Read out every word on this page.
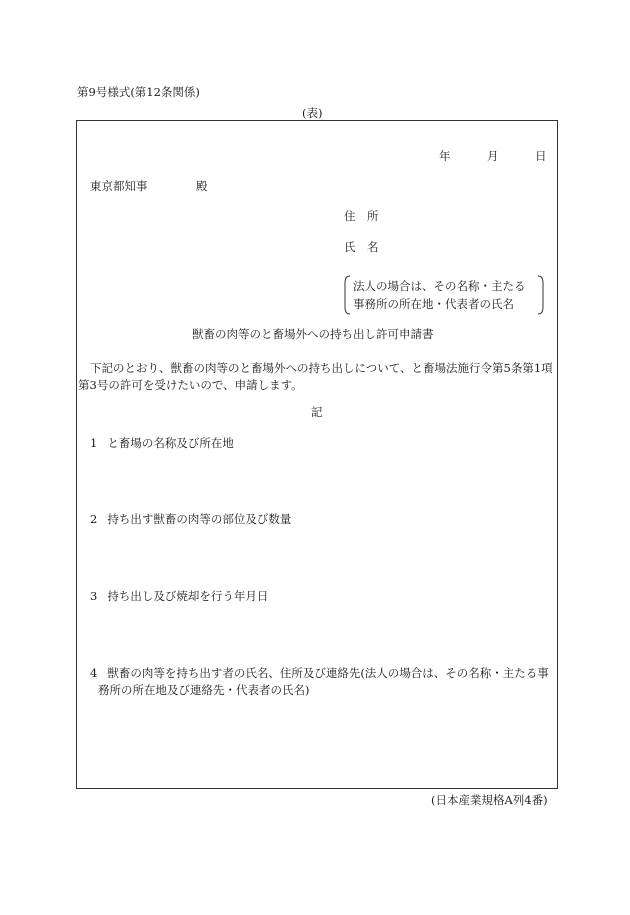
第9号様式(第12条関係)
(表)
年	月	日
東京都知事	殿
住　所
氏　名
法人の場合は、その名称・主たる
事務所の所在地・代表者の氏名
獣畜の肉等のと畜場外への持ち出し許可申請書
下記のとおり、獣畜の肉等のと畜場外への持ち出しについて、と畜場法施行令第5条第1項第3号の許可を受けたいので、申請します。
記
1 と畜場の名称及び所在地
2 持ち出す獣畜の肉等の部位及び数量
3 持ち出し及び焼却を行う年月日
4 獣畜の肉等を持ち出す者の氏名、住所及び連絡先(法人の場合は、その名称・主たる事
務所の所在地及び連絡先・代表者の氏名)
(日本産業規格A列4番)
